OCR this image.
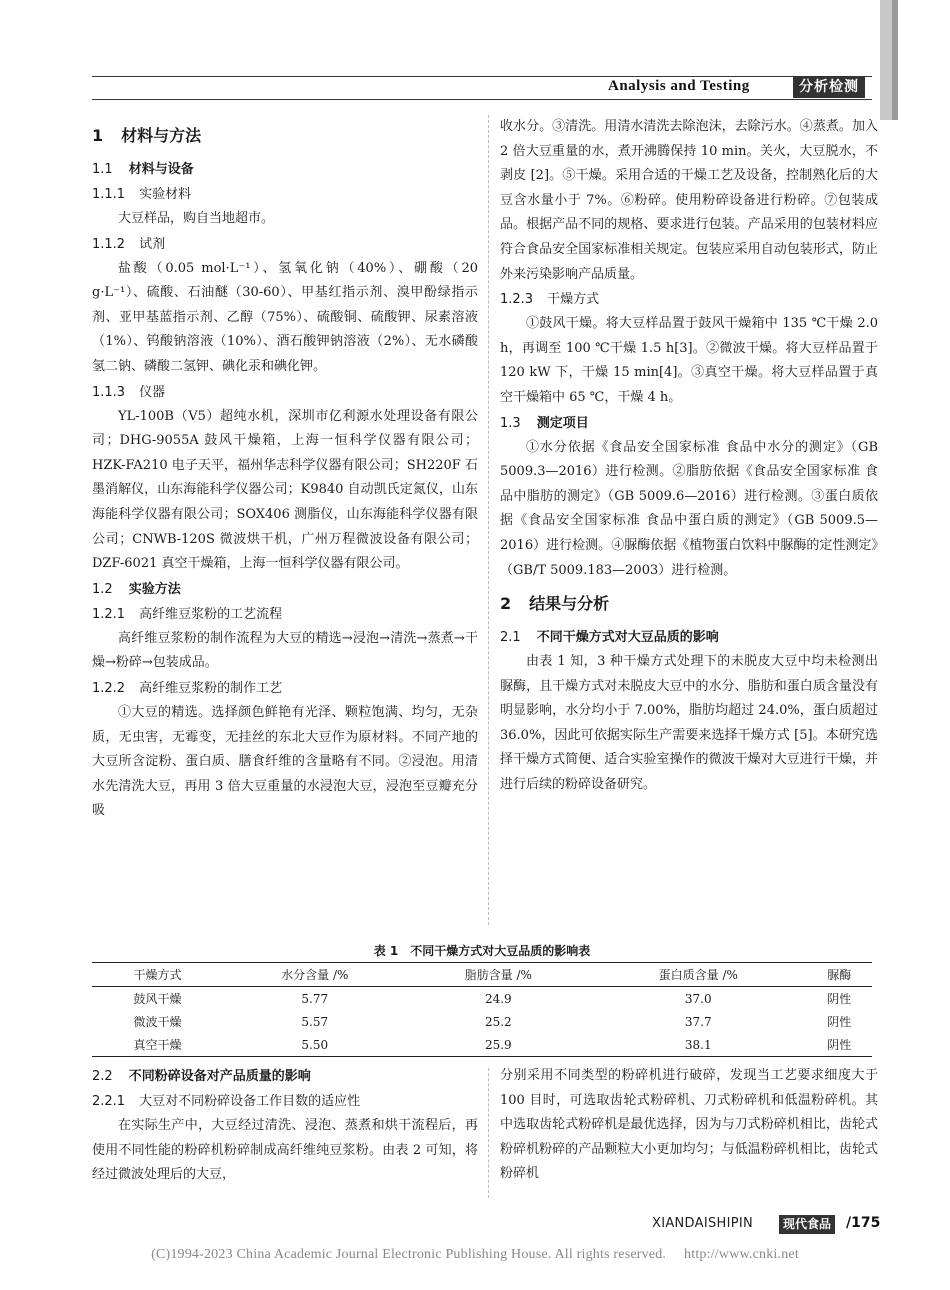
Analysis and Testing	分析检测
1 材料与方法
1.1 材料与设备
1.1.1 实验材料

大豆样品，购自当地超市。

1.1.2 试剂

盐酸（0.05 mol·L⁻¹）、氢氧化钠（40%）、硼酸（20 g·L⁻¹）、硫酸、石油醚（30-60）、甲基红指示剂、溴甲酚绿指示剂、亚甲基蓝指示剂、乙醇（75%）、硫酸铜、硫酸钾、尿素溶液（1%）、钨酸钠溶液（10%）、酒石酸钾钠溶液（2%）、无水磷酸氢二钠、磷酸二氢钾、碘化汞和碘化钾。

1.1.3 仪器

YL-100B（V5）超纯水机，深圳市亿利源水处理设备有限公司；DHG-9055A 鼓风干燥箱，上海一恒科学仪器有限公司；HZK-FA210 电子天平，福州华志科学仪器有限公司；SH220F 石墨消解仪，山东海能科学仪器公司；K9840 自动凯氏定氮仪，山东海能科学仪器有限公司；SOX406 测脂仪，山东海能科学仪器有限公司；CNWB-120S 微波烘干机，广州万程微波设备有限公司；DZF-6021 真空干燥箱，上海一恒科学仪器有限公司。

1.2 实验方法
1.2.1 高纤维豆浆粉的工艺流程

高纤维豆浆粉的制作流程为大豆的精选→浸泡→清洗→蒸煮→干燥→粉碎→包装成品。

1.2.2 高纤维豆浆粉的制作工艺

①大豆的精选。选择颜色鲜艳有光泽、颗粒饱满、均匀，无杂质，无虫害，无霉变，无挂丝的东北大豆作为原材料。不同产地的大豆所含淀粉、蛋白质、膳食纤维的含量略有不同。②浸泡。用清水先清洗大豆，再用 3 倍大豆重量的水浸泡大豆，浸泡至豆瓣充分吸

收水分。③清洗。用清水清洗去除泡沫，去除污水。④蒸煮。加入 2 倍大豆重量的水，煮开沸腾保持 10 min。关火，大豆脱水，不剥皮 [2]。⑤干燥。采用合适的干燥工艺及设备，控制熟化后的大豆含水量小于 7%。⑥粉碎。使用粉碎设备进行粉碎。⑦包装成品。根据产品不同的规格、要求进行包装。产品采用的包装材料应符合食品安全国家标准相关规定。包装应采用自动包装形式，防止外来污染影响产品质量。

1.2.3 干燥方式

①鼓风干燥。将大豆样品置于鼓风干燥箱中 135 ℃干燥 2.0 h，再调至 100 ℃干燥 1.5 h[3]。②微波干燥。将大豆样品置于 120 kW 下，干燥 15 min[4]。③真空干燥。将大豆样品置于真空干燥箱中 65 ℃，干燥 4 h。

1.3 测定项目

①水分依据《食品安全国家标准 食品中水分的测定》（GB 5009.3—2016）进行检测。②脂肪依据《食品安全国家标准 食品中脂肪的测定》（GB 5009.6—2016）进行检测。③蛋白质依据《食品安全国家标准 食品中蛋白质的测定》（GB 5009.5—2016）进行检测。④脲酶依据《植物蛋白饮料中脲酶的定性测定》（GB/T 5009.183—2003）进行检测。

2 结果与分析
2.1 不同干燥方式对大豆品质的影响

由表 1 知，3 种干燥方式处理下的未脱皮大豆中均未检测出脲酶，且干燥方式对未脱皮大豆中的水分、脂肪和蛋白质含量没有明显影响，水分均小于 7.00%，脂肪均超过 24.0%，蛋白质超过 36.0%，因此可依据实际生产需要来选择干燥方式 [5]。本研究选择干燥方式简便、适合实验室操作的微波干燥对大豆进行干燥，并进行后续的粉碎设备研究。

表 1　不同干燥方式对大豆品质的影响表
干燥方式	水分含量 /%	脂肪含量 /%	蛋白质含量 /%	脲酶
鼓风干燥	5.77	24.9	37.0	阴性
微波干燥	5.57	25.2	37.7	阴性
真空干燥	5.50	25.9	38.1	阴性
2.2 不同粉碎设备对产品质量的影响
2.2.1 大豆对不同粉碎设备工作目数的适应性

在实际生产中，大豆经过清洗、浸泡、蒸煮和烘干流程后，再使用不同性能的粉碎机粉碎制成高纤维纯豆浆粉。由表 2 可知，将经过微波处理后的大豆，

分别采用不同类型的粉碎机进行破碎，发现当工艺要求细度大于 100 目时，可选取齿轮式粉碎机、刀式粉碎机和低温粉碎机。其中选取齿轮式粉碎机是最优选择，因为与刀式粉碎机相比，齿轮式粉碎机粉碎的产品颗粒大小更加均匀；与低温粉碎机相比，齿轮式粉碎机

XIANDAISHIPIN	现代食品 /175
(C)1994-2023 China Academic Journal Electronic Publishing House. All rights reserved.　 http://www.cnki.net
